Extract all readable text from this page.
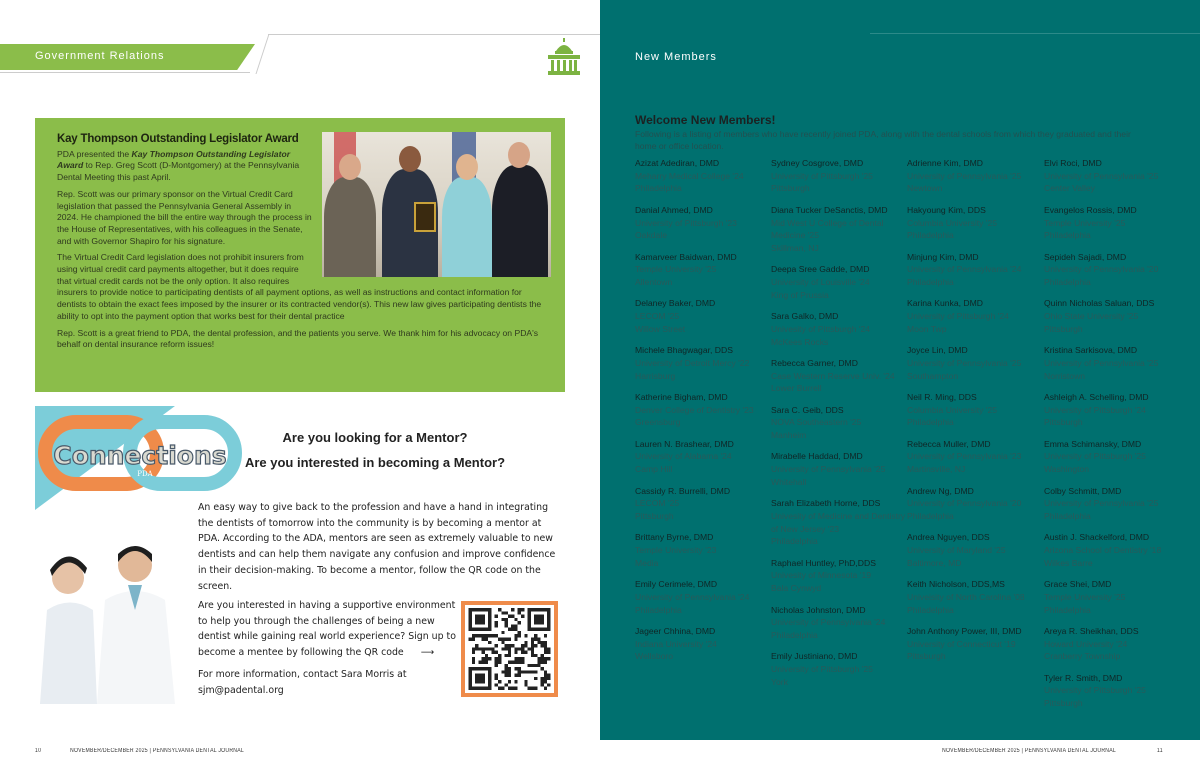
Government Relations
Kay Thompson Outstanding Legislator Award

PDA presented the Kay Thompson Outstanding Legislator Award to Rep. Greg Scott (D-Montgomery) at the Pennsylvania Dental Meeting this past April.

Rep. Scott was our primary sponsor on the Virtual Credit Card legislation that passed the Pennsylvania General Assembly in 2024. He championed the bill the entire way through the process in the House of Representatives, with his colleagues in the Senate, and with Governor Shapiro for his signature.

The Virtual Credit Card legislation does not prohibit insurers from using virtual credit card payments altogether, but it does require that virtual credit cards not be the only option. It also requires insurers to provide notice to participating dentists of all payment options, as well as instructions and contact information for dentists to obtain the exact fees imposed by the insurer or its contracted vendor(s). This new law gives participating dentists the ability to opt into the payment option that works best for their dental practice

Rep. Scott is a great friend to PDA, the dental profession, and the patients you serve. We thank him for his advocacy on PDA's behalf on dental insurance reform issues!

Connections
PDA
Are you looking for a Mentor?
Are you interested in becoming a Mentor?
An easy way to give back to the profession and have a hand in integrating the dentists of tomorrow into the community is by becoming a mentor at PDA. According to the ADA, mentors are seen as extremely valuable to new dentists and can help them navigate any confusion and improve confidence in their decision-making. To become a mentor, follow the QR code on the screen.
Are you interested in having a supportive environment to help you through the challenges of being a new dentist while gaining real world experience? Sign up to become a mentee by following the QR code ⟶
For more information, contact Sara Morris at
sjm@padental.org
New Members
Welcome New Members!
Following is a listing of members who have recently joined PDA, along with the dental schools from which they graduated and their home or office location.
Azizat Adediran, DMD
Meharry Medical College '24
Philadelphia
Danial Ahmed, DMD
University of Pittsburgh '23
Oakdale
Kamarveer Baidwan, DMD
Temple University '25
Allentown
Delaney Baker, DMD
LECOM '25
Willow Street
Michele Bhagwagar, DDS
University of Detroit Mercy '22
Harrisburg
Katherine Bigham, DMD
Denver College of Dentistry '23
Greensburg
Lauren N. Brashear, DMD
University of Alabama '24
Camp Hill
Cassidy R. Burrelli, DMD
LECOM '25
Pittsburgh
Brittany Byrne, DMD
Temple University '23
Media
Emily Cerimele, DMD
University of Pennsylvania '24
Philadelphia
Jageer Chhina, DMD
Indiana University '24
Wellsboro
Sydney Cosgrove, DMD
University of Pittsburgh '25
Pittsburgh
Diana Tucker DeSanctis, DMD
Mid West U College of Dental Medicine '25
Skillman, NJ
Deepa Sree Gadde, DMD
University of Louisville '24
King of Prussia
Sara Galko, DMD
Univesity of Pittsburgh '24
McKees Rocks
Rebecca Garner, DMD
Case Western Reserve Univ. '24
Lower Burrell
Sara C. Geib, DDS
NOVA Southeastern '25
Manheim
Mirabelle Haddad, DMD
University of Pennsylvania '25
Whitehall
Sarah Elizabeth Horne, DDS
Univesity of Medicine and Dentistry of New Jersey '23
Philadelphia
Raphael Huntley, PhD,DDS
Univesity of Minnesota '19
Bala Cynwyd
Nicholas Johnston, DMD
University of Pennsylvania '24
Philadelphia
Emily Justiniano, DMD
University of Pittsburgh '25
York
Adrienne Kim, DMD
University of Pennsylvania '25
Newtown
Hakyoung Kim, DDS
Columbia University '25
Philadelphia
Minjung Kim, DMD
University of Pennsylvania '24
Philadelphia
Karina Kunka, DMD
University of Pittsburgh '24
Moon Twp
Joyce Lin, DMD
University of Pennsylvania '25
Southampton
Neil R. Ming, DDS
Columbia University '25
Philadelphia
Rebecca Muller, DMD
University of Pennsylvania '23
Martinsville, NJ
Andrew Ng, DMD
University of Pennsylvania '20
Philadelphia
Andrea Nguyen, DDS
University of Maryland '25
Baltimore, MD
Keith Nicholson, DDS,MS
Univeisity of North Carolina '08
Philadelphia
John Anthony Power, III, DMD
University of Connecticut '19
Pittsburgh
Elvi Roci, DMD
University of Pennsylvania '25
Center Valley
Evangelos Rossis, DMD
Temple University '25
Philadelphia
Sepideh Sajadi, DMD
University of Pennsylvania '20
Philadelphia
Quinn Nicholas Saluan, DDS
Ohio State University '25
Pittsburgh
Kristina Sarkisova, DMD
University of Pennsylvania '25
Norristown
Ashleigh A. Schelling, DMD
University of Pittsburgh '24
Pittsburgh
Emma Schimansky, DMD
University of Pittsburgh '25
Washington
Colby Schmitt, DMD
University of Pennsylvania '25
Philadelphia
Austin J. Shackelford, DMD
Arizona School of Dentistry '18
Wilkes Barre
Grace Shei, DMD
Temple University '25
Philadelphia
Areya R. Sheikhan, DDS
Howard University '24
Cranberry Township
Tyler R. Smith, DMD
University of Pittsburgh '25
Pittsburgh
10	NOVEMBER/DECEMBER 2025 | PENNSYLVANIA DENTAL JOURNAL	NOVEMBER/DECEMBER 2025 | PENNSYLVANIA DENTAL JOURNAL	11
